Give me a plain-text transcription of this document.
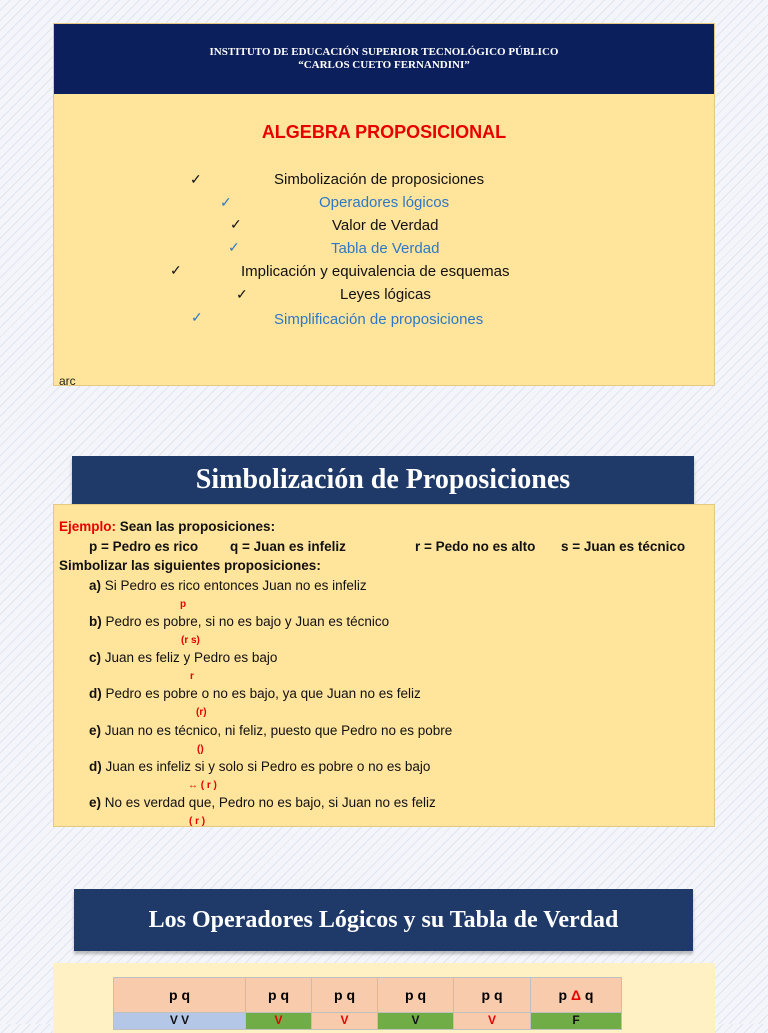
INSTITUTO DE EDUCACIÓN SUPERIOR TECNOLÓGICO PÚBLICO
“CARLOS CUETO FERNANDINI”
ALGEBRA PROPOSICIONAL
✓	Simbolización de proposiciones
✓	Operadores lógicos
✓	Valor de Verdad
✓	Tabla de Verdad
✓	Implicación y equivalencia de esquemas
✓	Leyes lógicas
✓	Simplificación de proposiciones
arc
Simbolización de Proposiciones
Ejemplo: Sean las proposiciones:
p = Pedro es rico q = Juan es infeliz	r = Pedo no es alto s = Juan es técnico
Simbolizar las siguientes proposiciones:
a) Si Pedro es rico entonces Juan no es infeliz
p
b) Pedro es pobre, si no es bajo y Juan es técnico
(r s)
c) Juan es feliz y Pedro es bajo
r
d) Pedro es pobre o no es bajo, ya que Juan no es feliz
(r)
e) Juan no es técnico, ni feliz, puesto que Pedro no es pobre
()
d) Juan es infeliz si y solo si Pedro es pobre o no es bajo
↔ ( r )
e) No es verdad que, Pedro no es bajo, si Juan no es feliz
( r )
Los Operadores Lógicos y su Tabla de Verdad
p q	p q	p q	p q	p q	p Δ q
V V	V	V	V	V	F
